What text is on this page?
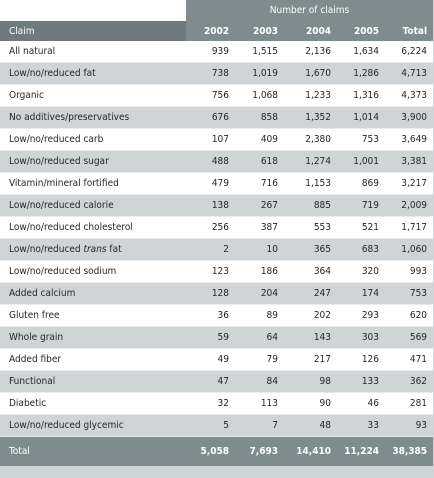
	Number of claims				
Claim	2002	2003	2004	2005	Total
All natural	939	1,515	2,136	1,634	6,224
Low/no/reduced fat	738	1,019	1,670	1,286	4,713
Organic	756	1,068	1,233	1,316	4,373
No additives/preservatives	676	858	1,352	1,014	3,900
Low/no/reduced carb	107	409	2,380	753	3,649
Low/no/reduced sugar	488	618	1,274	1,001	3,381
Vitamin/mineral fortified	479	716	1,153	869	3,217
Low/no/reduced calorie	138	267	885	719	2,009
Low/no/reduced cholesterol	256	387	553	521	1,717
Low/no/reduced trans fat	2	10	365	683	1,060
Low/no/reduced sodium	123	186	364	320	993
Added calcium	128	204	247	174	753
Gluten free	36	89	202	293	620
Whole grain	59	64	143	303	569
Added fiber	49	79	217	126	471
Functional	47	84	98	133	362
Diabetic	32	113	90	46	281
Low/no/reduced glycemic	5	7	48	33	93
Total	5,058	7,693	14,410	11,224	38,385
